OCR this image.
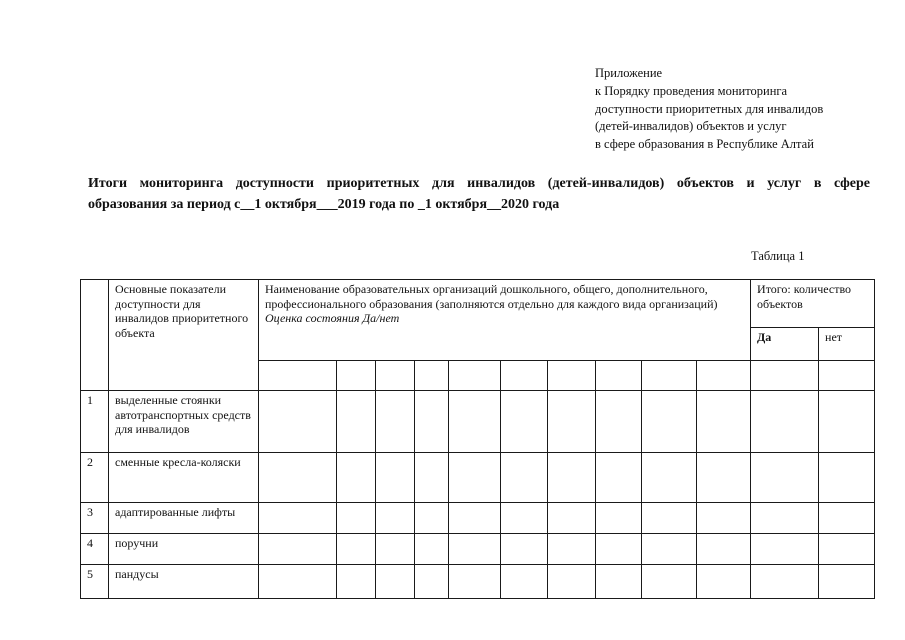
Приложение
к Порядку проведения мониторинга
доступности приоритетных для инвалидов
(детей-инвалидов) объектов и услуг
в сфере образования в Республике Алтай
Итоги мониторинга доступности приоритетных для инвалидов (детей-инвалидов) объектов и услуг в сфере
образования за период с__1 октября___2019 года по _1 октября__2020 года
Таблица 1
	Основные показатели доступности для инвалидов приоритетного объекта	Наименование образовательных организаций дошкольного, общего, дополнительного, профессионального образования (заполняются отдельно для каждого вида организаций) Оценка состояния Да/нет										Итого: количество объектов	
												Да	нет

1	выделенные стоянки автотранспортных средств для инвалидов												
2	сменные кресла-коляски												
3	адаптированные лифты												
4	поручни												
5	пандусы												
